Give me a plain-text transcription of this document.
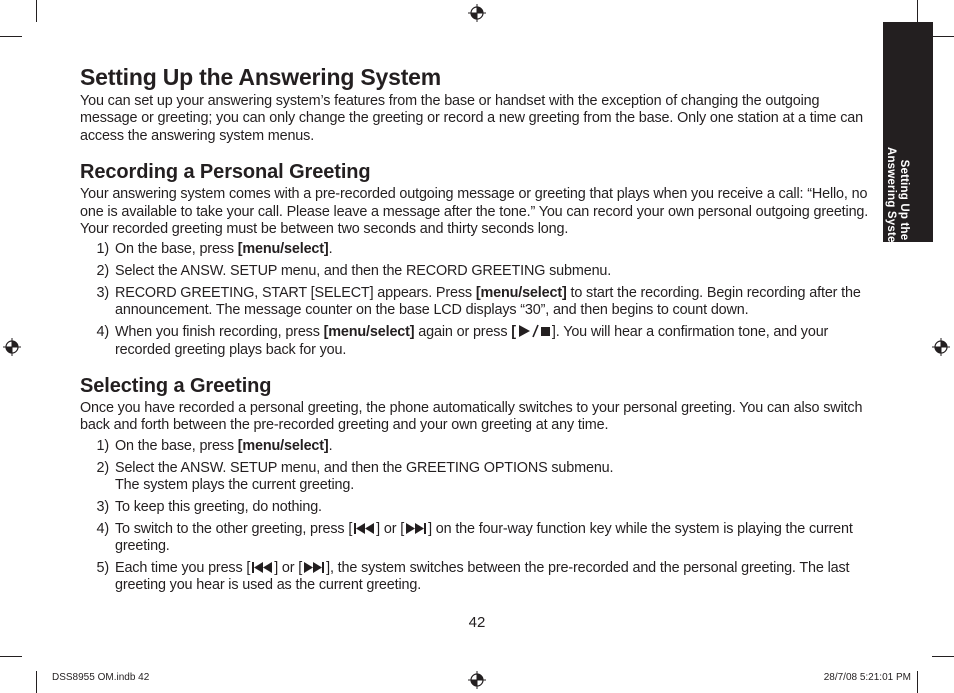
Setting Up the
Answering System
Setting Up the Answering System

You can set up your answering system’s features from the base or handset with the exception of changing the outgoing message or greeting; you can only change the greeting or record a new greeting from the base. Only one station at a time can access the answering system menus.

Recording a Personal Greeting

Your answering system comes with a pre-recorded outgoing message or greeting that plays when you receive a call: “Hello, no one is available to take your call. Please leave a message after the tone.” You can record your own personal outgoing greeting. Your recorded greeting must be between two seconds and thirty seconds long.

1) On the base, press [menu/select].
2) Select the ANSW. SETUP menu, and then the RECORD GREETING submenu.
3) RECORD GREETING, START [SELECT] appears. Press [menu/select] to start the recording. Begin recording after the announcement. The message counter on the base LCD displays “30”, and then begins to count down.
4) When you finish recording, press [menu/select] again or press [	]. You will hear a confirmation tone, and your recorded greeting plays back for you.
Selecting a Greeting

Once you have recorded a personal greeting, the phone automatically switches to your personal greeting. You can also switch back and forth between the pre-recorded greeting and your own greeting at any time.

1) On the base, press [menu/select].
2) Select the ANSW. SETUP menu, and then the GREETING OPTIONS submenu.
The system plays the current greeting.
3) To keep this greeting, do nothing.
4) To switch to the other greeting, press [ ] or [ ] on the four-way function key while the system is playing the current greeting.
5) Each time you press [ ] or [ ], the system switches between the pre-recorded and the personal greeting. The last greeting you hear is used as the current greeting.
42
DSS8955 OM.indb 42	28/7/08 5:21:01 PM
